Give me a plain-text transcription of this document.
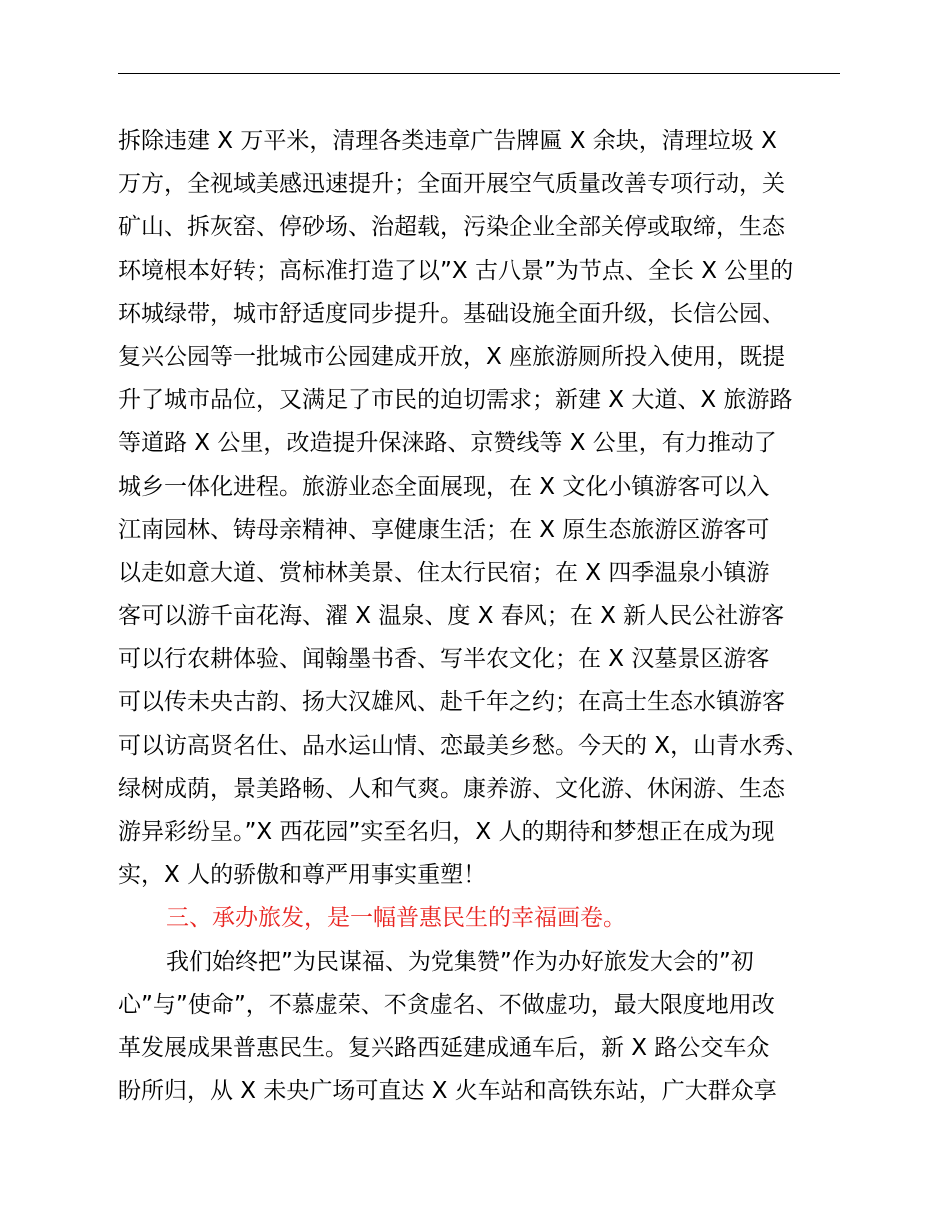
拆除违建 X 万平米，清理各类违章广告牌匾 X 余块，清理垃圾 X
万方，全视域美感迅速提升；全面开展空气质量改善专项行动，关
矿山、拆灰窑、停砂场、治超载，污染企业全部关停或取缔，生态
环境根本好转；高标准打造了以”X 古八景”为节点、全长 X 公里的
环城绿带，城市舒适度同步提升。基础设施全面升级，长信公园、
复兴公园等一批城市公园建成开放，X 座旅游厕所投入使用，既提
升了城市品位，又满足了市民的迫切需求；新建 X 大道、X 旅游路
等道路 X 公里，改造提升保涞路、京赞线等 X 公里，有力推动了
城乡一体化进程。旅游业态全面展现，在 X 文化小镇游客可以入
江南园林、铸母亲精神、享健康生活；在 X 原生态旅游区游客可
以走如意大道、赏柿林美景、住太行民宿；在 X 四季温泉小镇游
客可以游千亩花海、濯 X 温泉、度 X 春风；在 X 新人民公社游客
可以行农耕体验、闻翰墨书香、写半农文化；在 X 汉墓景区游客
可以传未央古韵、扬大汉雄风、赴千年之约；在高士生态水镇游客
可以访高贤名仕、品水运山情、恋最美乡愁。今天的 X，山青水秀、
绿树成荫，景美路畅、人和气爽。康养游、文化游、休闲游、生态
游异彩纷呈。”X 西花园”实至名归，X 人的期待和梦想正在成为现
实，X 人的骄傲和尊严用事实重塑！
三、承办旅发，是一幅普惠民生的幸福画卷。
我们始终把”为民谋福、为党集赞”作为办好旅发大会的”初
心”与”使命”，不慕虚荣、不贪虚名、不做虚功，最大限度地用改
革发展成果普惠民生。复兴路西延建成通车后，新 X 路公交车众
盼所归，从 X 未央广场可直达 X 火车站和高铁东站，广大群众享
